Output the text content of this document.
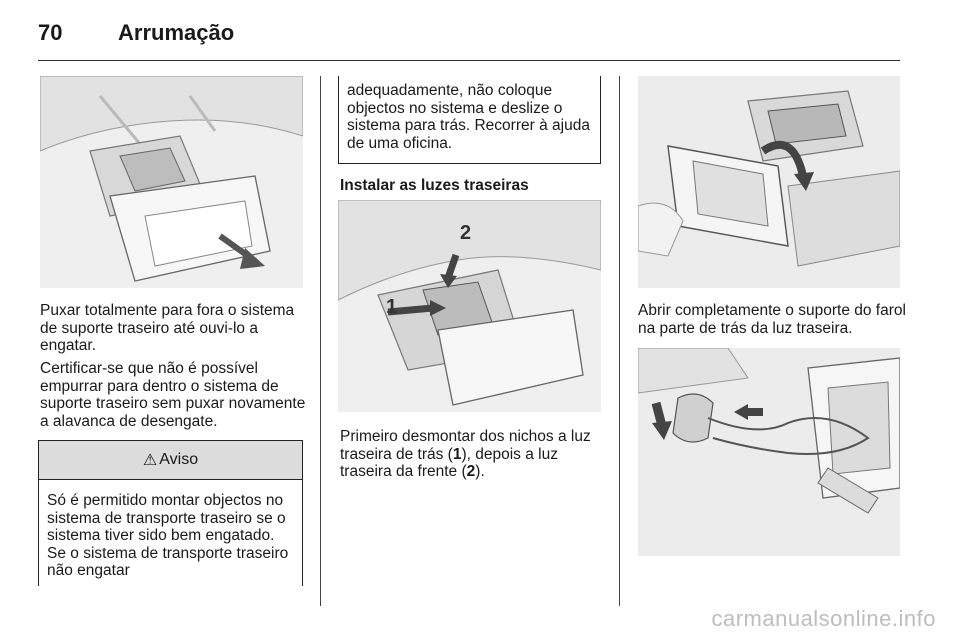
70	Arrumação

Puxar totalmente para fora o sistema de suporte traseiro até ouvi-lo a engatar.

Certificar-se que não é possível empurrar para dentro o sistema de suporte traseiro sem puxar novamente a alavanca de desengate.

⚠ Aviso
Só é permitido montar objectos no sistema de transporte traseiro se o sistema tiver sido bem engatado. Se o sistema de transporte traseiro não engatar
adequadamente, não coloque objectos no sistema e deslize o sistema para trás. Recorrer à ajuda de uma oficina.
Instalar as luzes traseiras
1
2

Primeiro desmontar dos nichos a luz traseira de trás (1), depois a luz traseira da frente (2).

Abrir completamente o suporte do farol na parte de trás da luz traseira.

carmanualsonline.info
